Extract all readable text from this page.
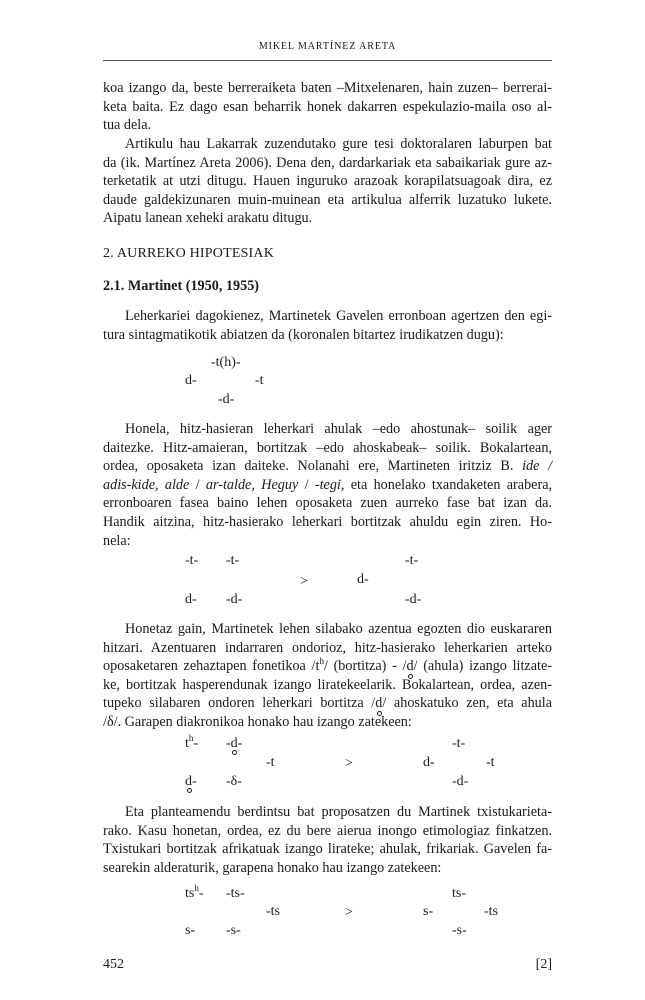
MIKEL MARTÍNEZ ARETA
koa izango da, beste berreraiketa baten –Mitxelenaren, hain zuzen– berrerai-
keta baita. Ez dago esan beharrik honek dakarren espekulazio-maila oso al-
tua dela.
Artikulu hau Lakarrak zuzendutako gure tesi doktoralaren laburpen bat
da (ik. Martínez Areta 2006). Dena den, dardarkariak eta sabaikariak gure az-
terketatik at utzi ditugu. Hauen inguruko arazoak korapilatsuagoak dira, ez
daude galdekizunaren muin-muinean eta artikulua alferrik luzatuko lukete.
Aipatu lanean xeheki arakatu ditugu.
2. AURREKO HIPOTESIAK
2.1. Martinet (1950, 1955)
Leherkariei dagokienez, Martinetek Gavelen erronboan agertzen den egi-
tura sintagmatikotik abiatzen da (koronalen bitartez irudikatzen dugu):
-t(h)-
d-	-t
-d-
Honela, hitz-hasieran leherkari ahulak –edo ahostunak– soilik ager
daitezke. Hitz-amaieran, bortitzak –edo ahoskabeak– soilik. Bokalartean,
ordea, oposaketa izan daiteke. Nolanahi ere, Martineten iritziz B. ide /
adis-kide, alde / ar-talde, Heguy / -tegi, eta honelako txandaketen arabera,
erronboaren fasea baino lehen oposaketa zuen aurreko fase bat izan da.
Handik aitzina, hitz-hasierako leherkari bortitzak ahuldu egin ziren. Ho-
nela:
-t- -t-	-t-
>	d-
d- -d-	-d-
Honetaz gain, Martinetek lehen silabako azentua egozten dio euskararen
hitzari. Azentuaren indarraren ondorioz, hitz-hasierako leherkarien arteko
oposaketaren zehaztapen fonetikoa $/t^h/$ (bortitza) - /d/ (ahula) izango litzate-
ke, bortitzak hasperendunak izango liratekeelarik. Bokalartean, ordea, azen-
tupeko silabaren ondoren leherkari bortitza /d/ ahoskatuko zen, eta ahula
/δ/. Garapen diakronikoa honako hau izango zatekeen:
$t^h-$ -d-
-t	>
-t-
d-	-t
d- -δ-	-d-
Eta planteamendu berdintsu bat proposatzen du Martinek txistukarieta-
rako. Kasu honetan, ordea, ez du bere aierua inongo etimologiaz finkatzen.
Txistukari bortitzak afrikatuak izango lirateke; ahulak, frikariak. Gavelen fa-
searekin alderaturik, garapena honako hau izango zatekeen:
$ts^h-$ -ts-
-ts	>
ts-
s-	-ts
s- -s-	-s-
452	[2]
